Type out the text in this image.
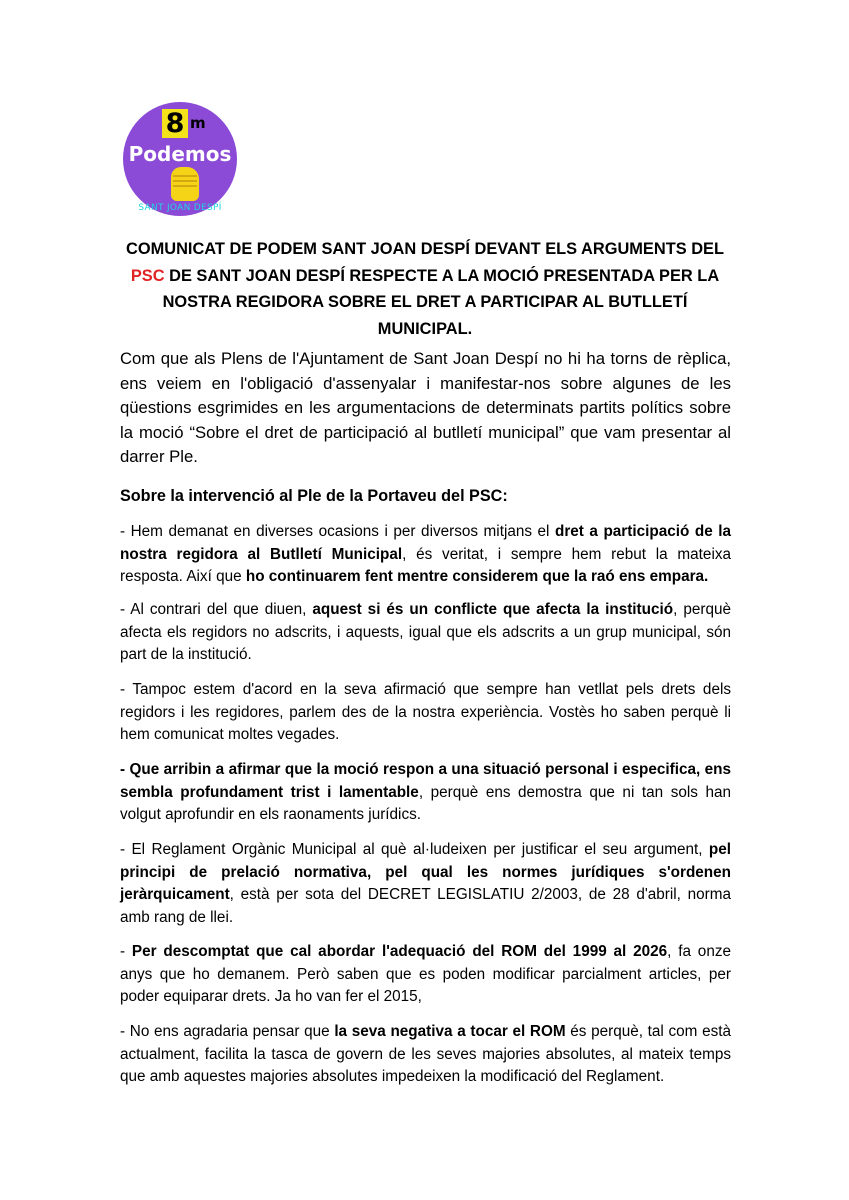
8 m
Podemos
SANT JOAN DESPÍ
COMUNICAT DE PODEM SANT JOAN DESPÍ DEVANT ELS ARGUMENTS DEL
PSC DE SANT JOAN DESPÍ RESPECTE A LA MOCIÓ PRESENTADA PER LA
NOSTRA REGIDORA SOBRE EL DRET A PARTICIPAR AL BUTLLETÍ
MUNICIPAL.

Com que als Plens de l'Ajuntament de Sant Joan Despí no hi ha torns de rèplica, ens veiem en l'obligació d'assenyalar i manifestar-nos sobre algunes de les qüestions esgrimides en les argumentacions de determinats partits polítics sobre la moció “Sobre el dret de participació al butlletí municipal” que vam presentar al darrer Ple.

Sobre la intervenció al Ple de la Portaveu del PSC:

- Hem demanat en diverses ocasions i per diversos mitjans el dret a participació de la nostra regidora al Butlletí Municipal, és veritat, i sempre hem rebut la mateixa resposta. Així que ho continuarem fent mentre considerem que la raó ens empara.

- Al contrari del que diuen, aquest si és un conflicte que afecta la institució, perquè afecta els regidors no adscrits, i aquests, igual que els adscrits a un grup municipal, són part de la institució.

- Tampoc estem d'acord en la seva afirmació que sempre han vetllat pels drets dels regidors i les regidores, parlem des de la nostra experiència. Vostès ho saben perquè li hem comunicat moltes vegades.

- Que arribin a afirmar que la moció respon a una situació personal i especifica, ens sembla profundament trist i lamentable, perquè ens demostra que ni tan sols han volgut aprofundir en els raonaments jurídics.

- El Reglament Orgànic Municipal al què al·ludeixen per justificar el seu argument, pel principi de prelació normativa, pel qual les normes jurídiques s'ordenen jeràrquicament, està per sota del DECRET LEGISLATIU 2/2003, de 28 d'abril, norma amb rang de llei.

- Per descomptat que cal abordar l'adequació del ROM del 1999 al 2026, fa onze anys que ho demanem. Però saben que es poden modificar parcialment articles, per poder equiparar drets. Ja ho van fer el 2015,

- No ens agradaria pensar que la seva negativa a tocar el ROM és perquè, tal com està actualment, facilita la tasca de govern de les seves majories absolutes, al mateix temps que amb aquestes majories absolutes impedeixen la modificació del Reglament.
